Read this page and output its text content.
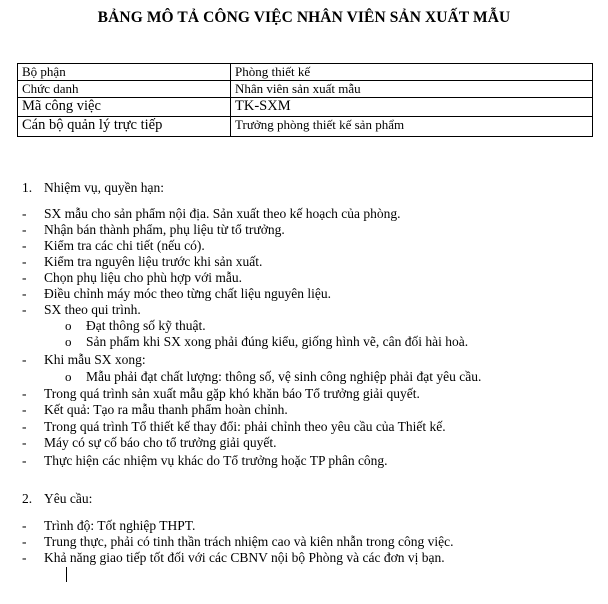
BẢNG MÔ TẢ CÔNG VIỆC NHÂN VIÊN SẢN XUẤT MẪU
Bộ phận	Phòng thiết kế
Chức danh	Nhân viên sản xuất mẫu
Mã công việc	TK-SXM
Cán bộ quản lý trực tiếp	Trưởng phòng thiết kế sản phẩm
1. Nhiệm vụ, quyền hạn:
- SX mẫu cho sản phẩm nội địa. Sản xuất theo kế hoạch của phòng.
- Nhận bán thành phẩm, phụ liệu từ tổ trưởng.
- Kiểm tra các chi tiết (nếu có).
- Kiểm tra nguyên liệu trước khi sản xuất.
- Chọn phụ liệu cho phù hợp với mẫu.
- Điều chỉnh máy móc theo từng chất liệu nguyên liệu.
- SX theo qui trình.
o Đạt thông số kỹ thuật.
o Sản phẩm khi SX xong phải đúng kiểu, giống hình vẽ, cân đối hài hoà.
- Khi mẫu SX xong:
o Mẫu phải đạt chất lượng: thông số, vệ sinh công nghiệp phải đạt yêu cầu.
- Trong quá trình sản xuất mẫu gặp khó khăn báo Tổ trưởng giải quyết.
- Kết quả: Tạo ra mẫu thanh phẩm hoàn chỉnh.
- Trong quá trình Tổ thiết kế thay đổi: phải chỉnh theo yêu cầu của Thiết kế.
- Máy có sự cố báo cho tổ trưởng giải quyết.
- Thực hiện các nhiệm vụ khác do Tổ trưởng hoặc TP phân công.
2. Yêu cầu:
- Trình độ: Tốt nghiệp THPT.
- Trung thực, phải có tinh thần trách nhiệm cao và kiên nhẫn trong công việc.
- Khả năng giao tiếp tốt đối với các CBNV nội bộ Phòng và các đơn vị bạn.
